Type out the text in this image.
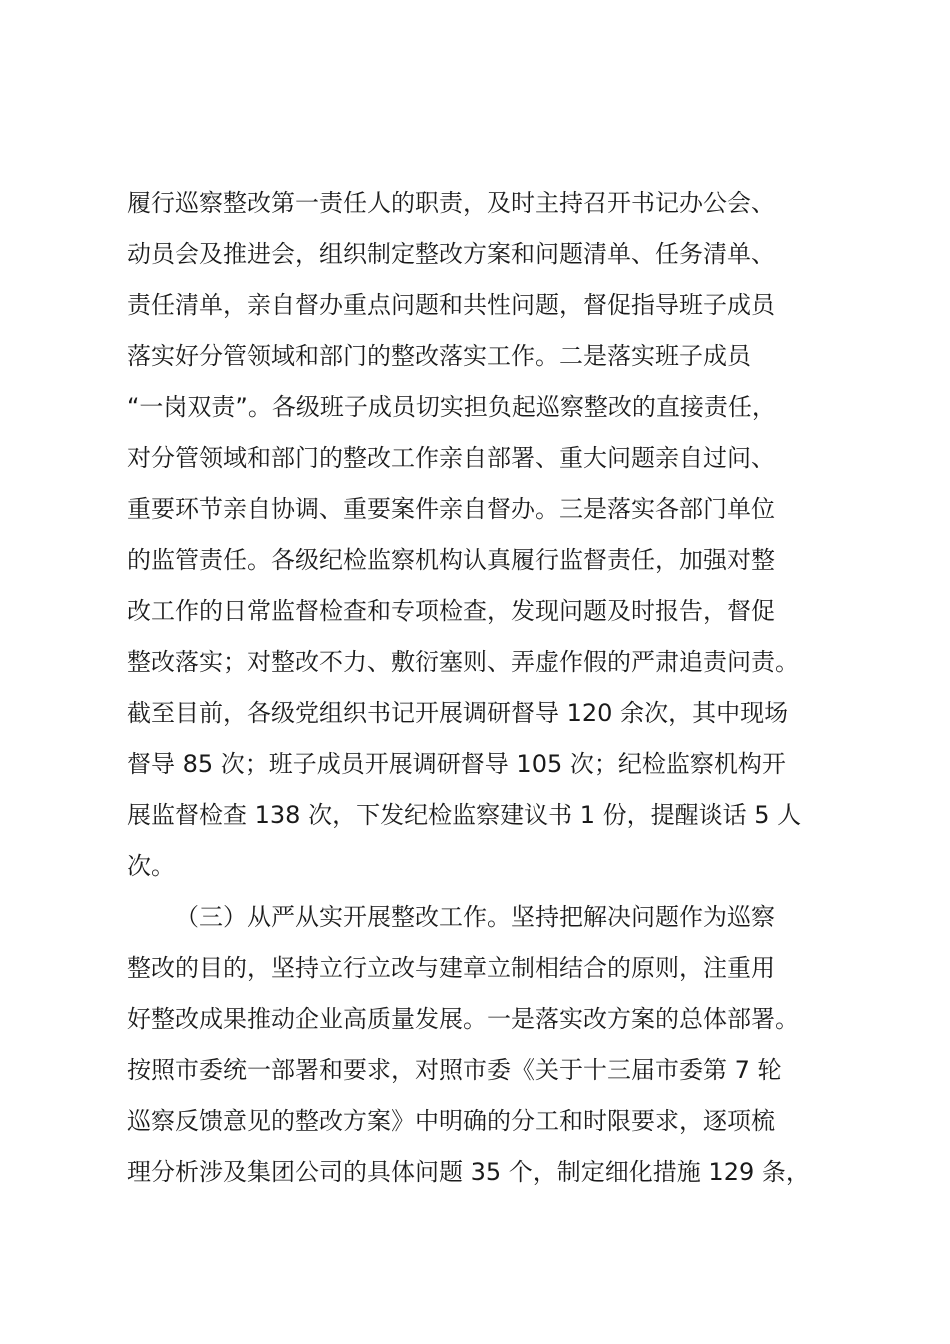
履行巡察整改第一责任人的职责，及时主持召开书记办公会、
动员会及推进会，组织制定整改方案和问题清单、任务清单、
责任清单，亲自督办重点问题和共性问题，督促指导班子成员
落实好分管领域和部门的整改落实工作。二是落实班子成员
“一岗双责”。各级班子成员切实担负起巡察整改的直接责任，
对分管领域和部门的整改工作亲自部署、重大问题亲自过问、
重要环节亲自协调、重要案件亲自督办。三是落实各部门单位
的监管责任。各级纪检监察机构认真履行监督责任，加强对整
改工作的日常监督检查和专项检查，发现问题及时报告，督促
整改落实；对整改不力、敷衍塞则、弄虚作假的严肃追责问责。
截至目前，各级党组织书记开展调研督导 120 余次，其中现场
督导 85 次；班子成员开展调研督导 105 次；纪检监察机构开
展监督检查 138 次，下发纪检监察建议书 1 份，提醒谈话 5 人
次。
（三）从严从实开展整改工作。坚持把解决问题作为巡察
整改的目的，坚持立行立改与建章立制相结合的原则，注重用
好整改成果推动企业高质量发展。一是落实改方案的总体部署。
按照市委统一部署和要求，对照市委《关于十三届市委第 7 轮
巡察反馈意见的整改方案》中明确的分工和时限要求，逐项梳
理分析涉及集团公司的具体问题 35 个，制定细化措施 129 条，
